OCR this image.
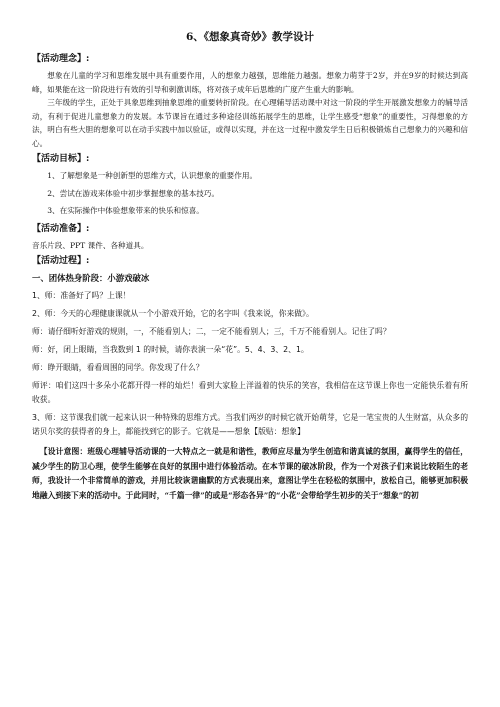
6、《想象真奇妙》教学设计
【活动理念】:

想象在儿童的学习和思维发展中具有重要作用，人的想象力越强，思维能力越强。想象力萌芽于2岁，并在9岁的时候达到高峰，如果能在这一阶段进行有效的引导和刺激训练，将对孩子成年后思维的广度产生重大的影响。

三年级的学生，正处于具象思维到抽象思维的重要转折阶段。在心理辅导活动课中对这一阶段的学生开展激发想象力的辅导活动，有利于促进儿童想象力的发展。本节课旨在通过多种途径训练拓展学生的思维，让学生感受“想象”的重要性，习得想象的方法，明白有些大胆的想象可以在动手实践中加以验证，或得以实现，并在这一过程中激发学生日后积极锻炼自己想象力的兴趣和信心。

【活动目标】:

1、了解想象是一种创新型的思维方式，认识想象的重要作用。

2、尝试在游戏来体验中初步掌握想象的基本技巧。

3、在实际操作中体验想象带来的快乐和惊喜。

【活动准备】:

音乐片段、PPT 课件、各种道具。

【活动过程】:
一、团体热身阶段：小游戏破冰

1、师：准备好了吗？上课！

2、师：今天的心理健康课就从一个小游戏开始，它的名字叫《我来说，你来做》。

师：请仔细听好游戏的规则，一，不能看别人；二，一定不能看别人；三，千万不能看别人。记住了吗？

师：好，闭上眼睛，当我数到 1 的时候，请你表演一朵“花”。5、4、3、2、1。

师：睁开眼睛，看看周围的同学。你发现了什么？

师评：咱们这四十多朵小花都开得一样的灿烂！看到大家脸上洋溢着的快乐的笑容，我相信在这节课上你也一定能快乐着有所收获。

3、师：这节课我们就一起来认识一种特殊的思维方式。当我们两岁的时候它就开始萌芽，它是一笔宝贵的人生财富，从众多的诺贝尔奖的获得者的身上，都能找到它的影子。它就是——想象【版贴：想象】

【设计意图：班级心理辅导活动课的一大特点之一就是和谐性，教师应尽量为学生创造和谐真诚的氛围，赢得学生的信任，减少学生的防卫心理，使学生能够在良好的氛围中进行体验活动。在本节课的破冰阶段，作为一个对孩子们来说比较陌生的老师，我设计一个非常简单的游戏，并用比较诙谐幽默的方式表现出来，意图让学生在轻松的氛围中，放松自己，能够更加积极地融入到接下来的活动中。于此同时，“千篇一律”的或是“形态各异”的“小花”会带给学生初步的关于“想象”的初
